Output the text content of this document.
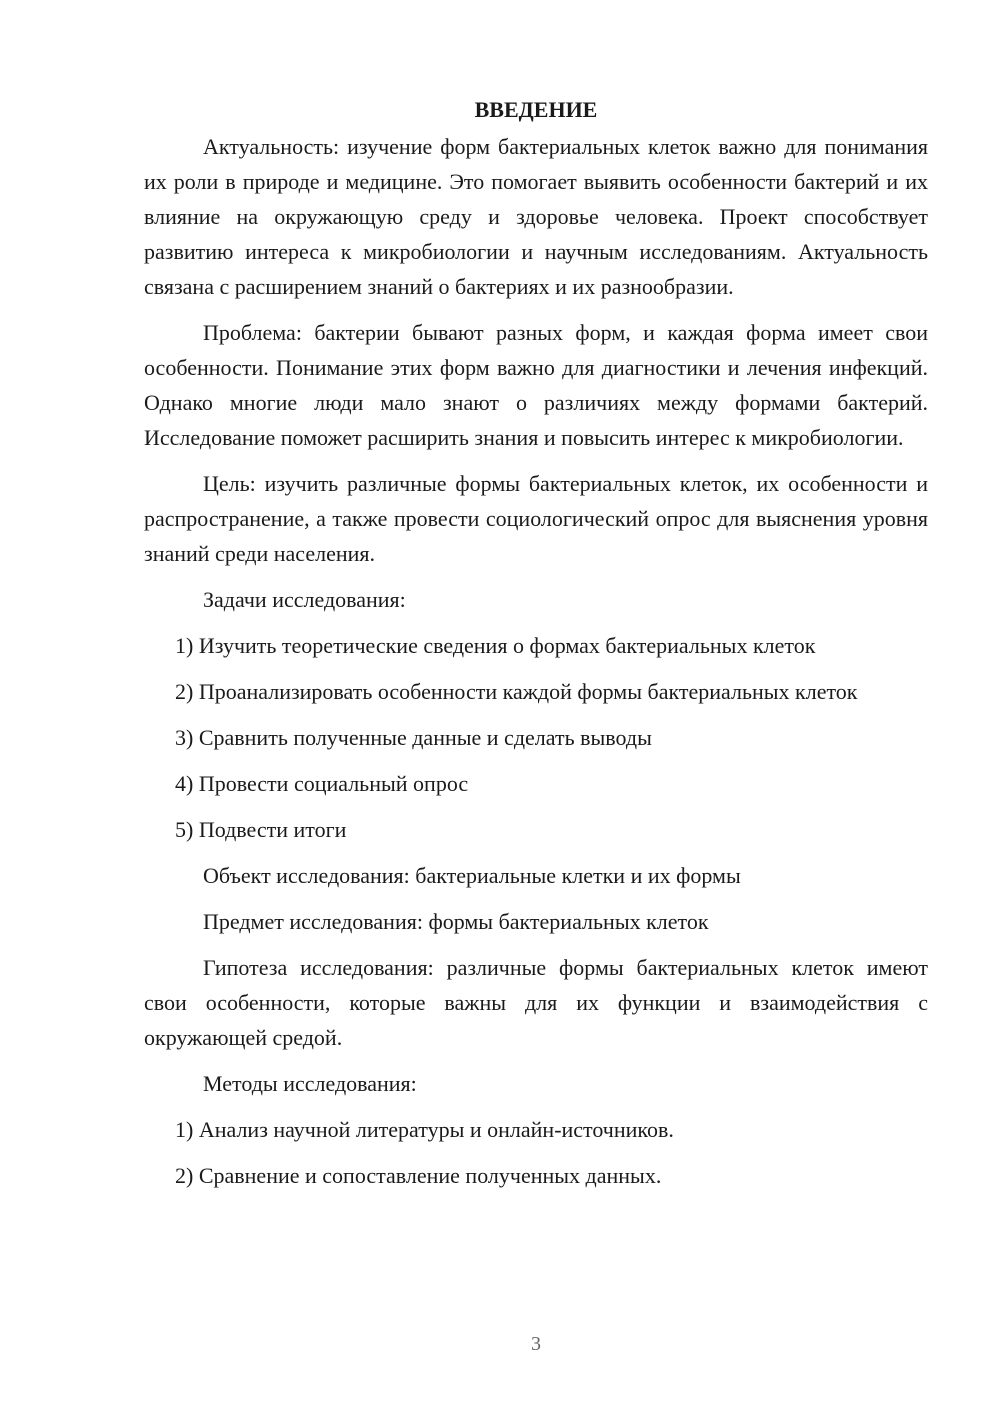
ВВЕДЕНИЕ

Актуальность: изучение форм бактериальных клеток важно для понимания их роли в природе и медицине. Это помогает выявить особенности бактерий и их влияние на окружающую среду и здоровье человека. Проект способствует развитию интереса к микробиологии и научным исследованиям. Актуальность связана с расширением знаний о бактериях и их разнообразии.

Проблема: бактерии бывают разных форм, и каждая форма имеет свои особенности. Понимание этих форм важно для диагностики и лечения инфекций. Однако многие люди мало знают о различиях между формами бактерий. Исследование поможет расширить знания и повысить интерес к микробиологии.

Цель: изучить различные формы бактериальных клеток, их особенности и распространение, а также провести социологический опрос для выяснения уровня знаний среди населения.

Задачи исследования:

1) Изучить теоретические сведения о формах бактериальных клеток

2) Проанализировать особенности каждой формы бактериальных клеток

3) Сравнить полученные данные и сделать выводы

4) Провести социальный опрос

5) Подвести итоги

Объект исследования: бактериальные клетки и их формы

Предмет исследования: формы бактериальных клеток

Гипотеза исследования: различные формы бактериальных клеток имеют свои особенности, которые важны для их функции и взаимодействия с окружающей средой.

Методы исследования:

1) Анализ научной литературы и онлайн-источников.

2) Сравнение и сопоставление полученных данных.

3
